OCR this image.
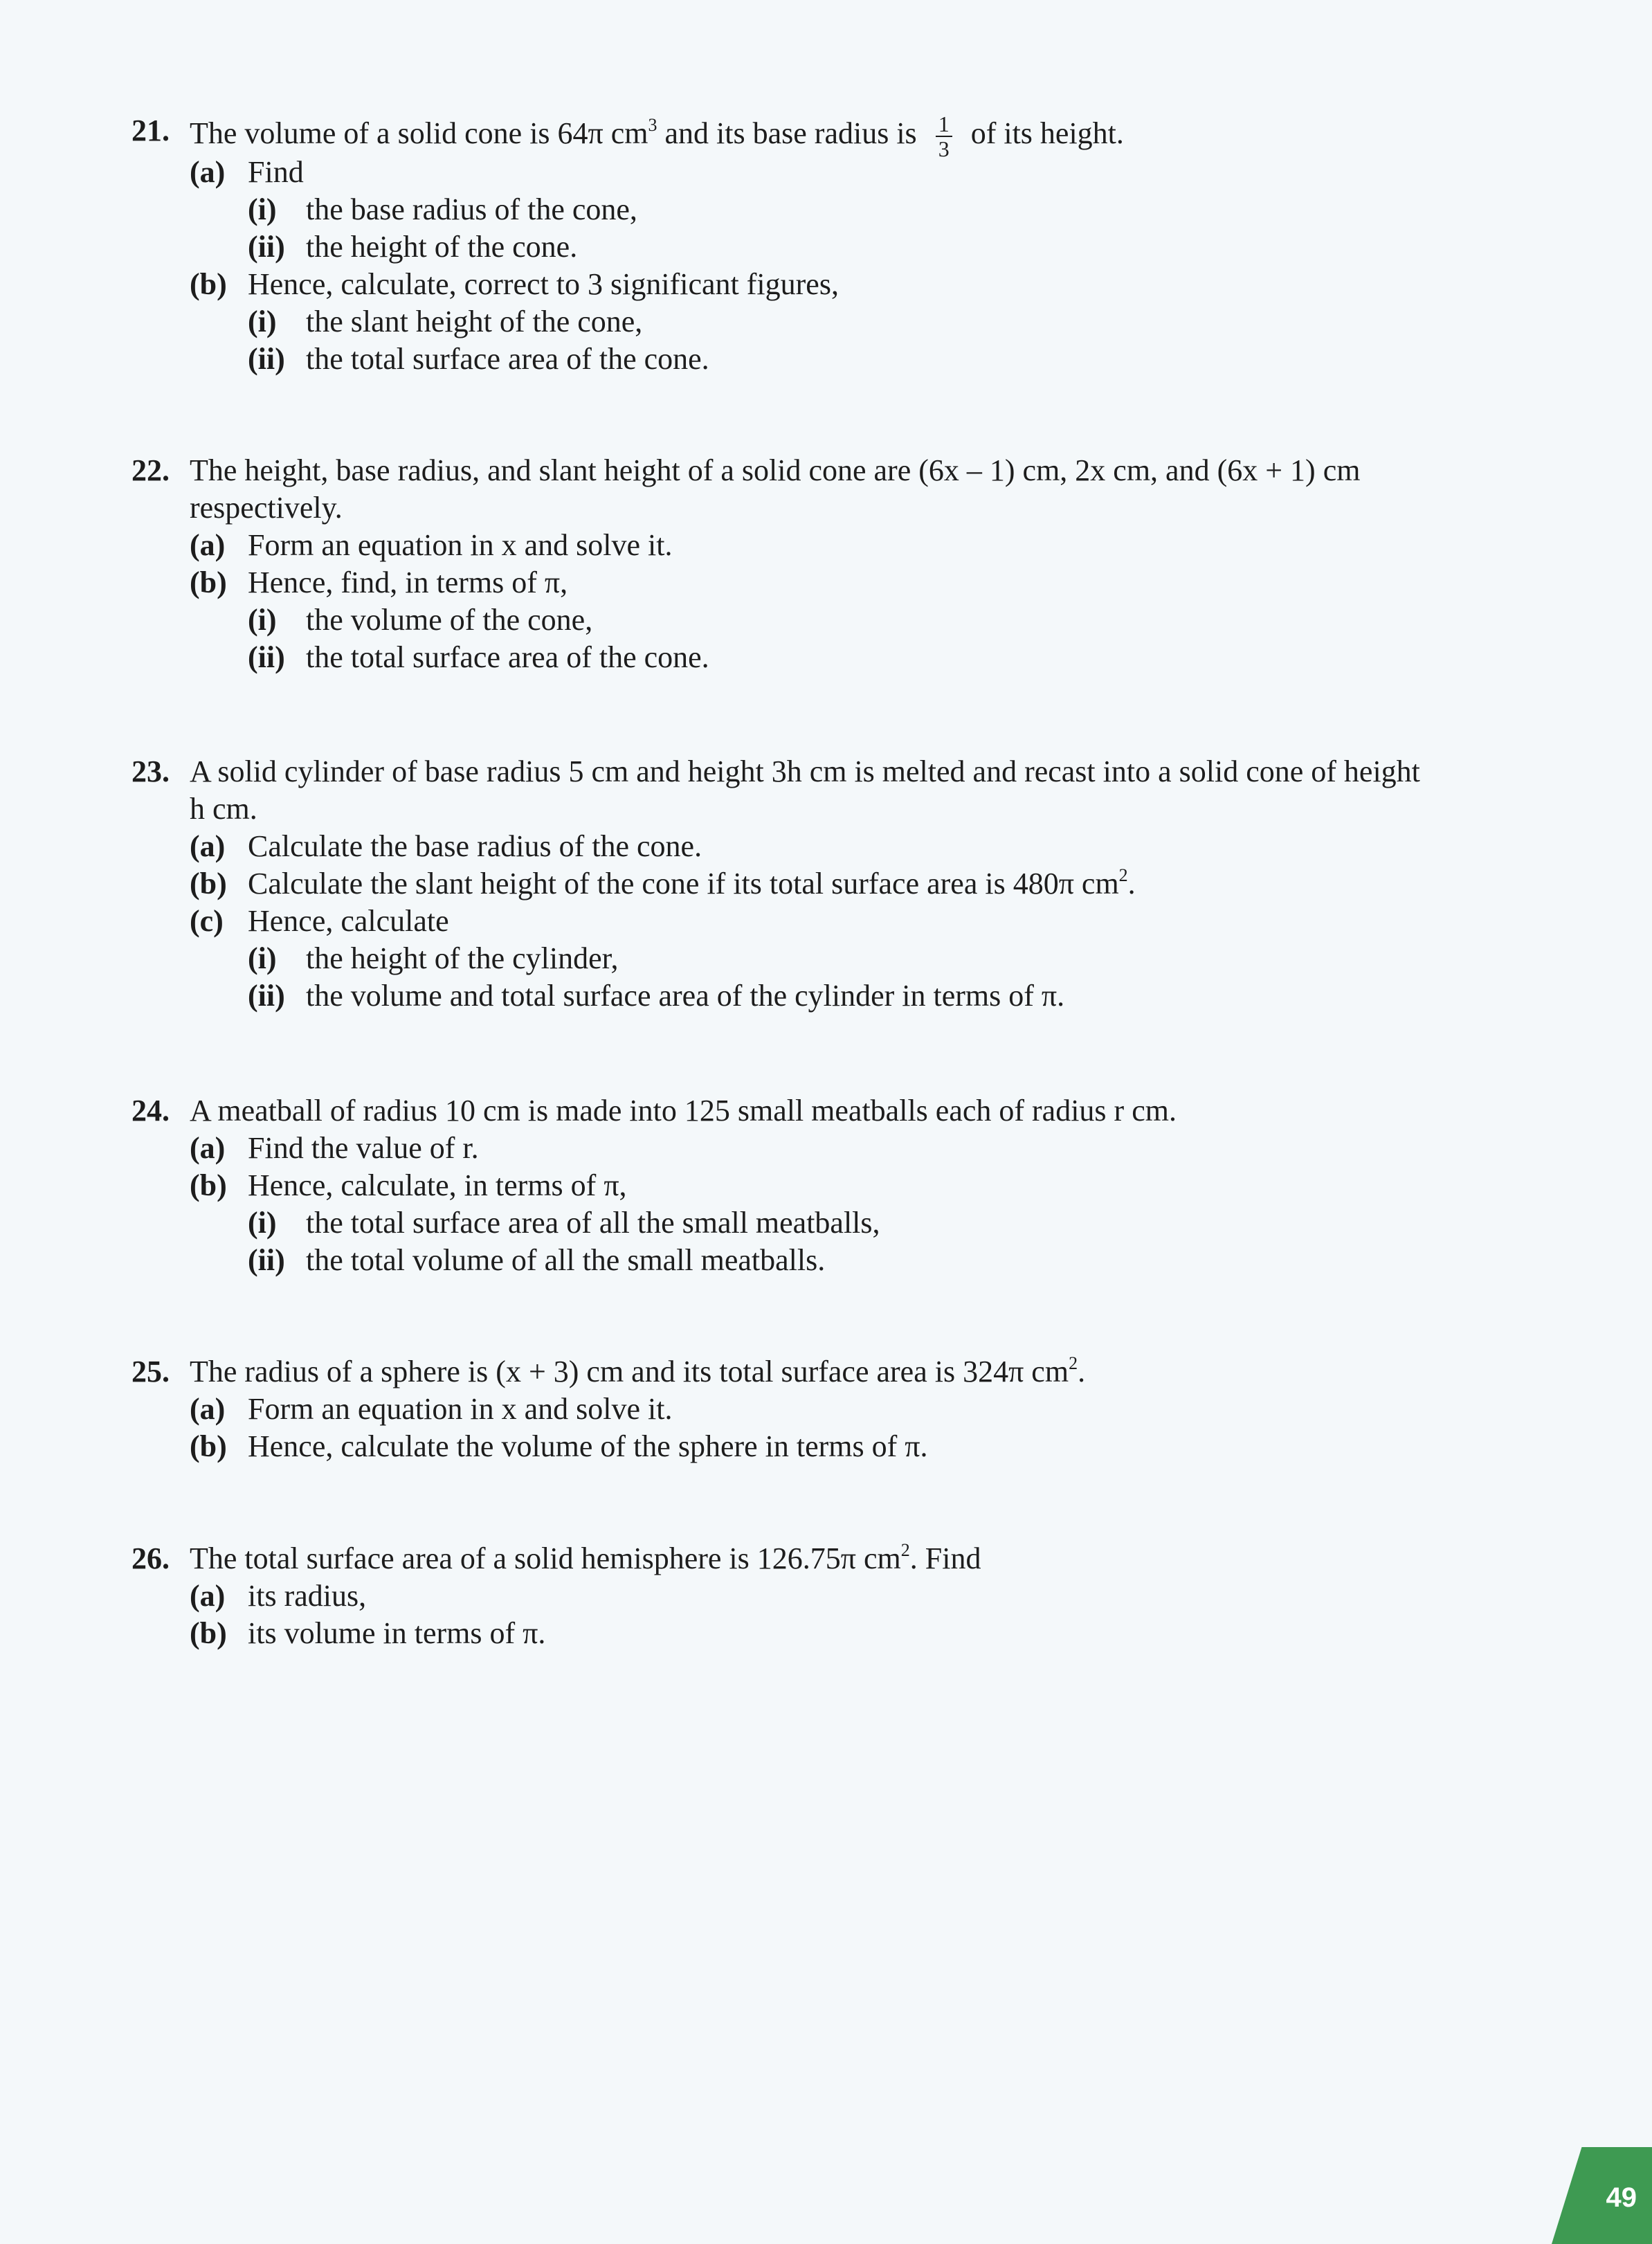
21. The volume of a solid cone is 64π $cm^3$ and its base radius is $\frac{1}{3}$ of its height.
(a) Find
(i) the base radius of the cone,
(ii) the height of the cone.
(b) Hence, calculate, correct to 3 significant figures,
(i) the slant height of the cone,
(ii) the total surface area of the cone.
22. The height, base radius, and slant height of a solid cone are (6x – 1) cm, 2x cm, and (6x + 1) cm
respectively.
(a) Form an equation in x and solve it.
(b) Hence, find, in terms of π,
(i) the volume of the cone,
(ii) the total surface area of the cone.
23. A solid cylinder of base radius 5 cm and height 3h cm is melted and recast into a solid cone of height
h cm.
(a) Calculate the base radius of the cone.
(b) Calculate the slant height of the cone if its total surface area is 480π $cm^2$.
(c) Hence, calculate
(i) the height of the cylinder,
(ii) the volume and total surface area of the cylinder in terms of π.
24. A meatball of radius 10 cm is made into 125 small meatballs each of radius r cm.
(a) Find the value of r.
(b) Hence, calculate, in terms of π,
(i) the total surface area of all the small meatballs,
(ii) the total volume of all the small meatballs.
25. The radius of a sphere is (x + 3) cm and its total surface area is 324π $cm^2$.
(a) Form an equation in x and solve it.
(b) Hence, calculate the volume of the sphere in terms of π.
26. The total surface area of a solid hemisphere is 126.75π $cm^2$. Find
(a) its radius,
(b) its volume in terms of π.
49
